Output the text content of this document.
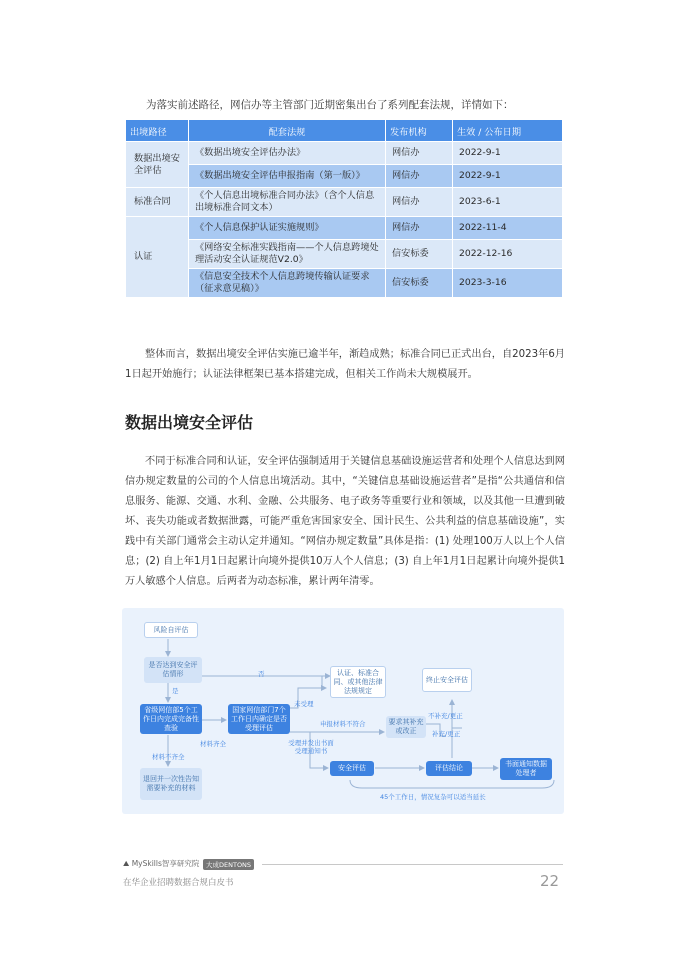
为落实前述路径，网信办等主管部门近期密集出台了系列配套法规，详情如下：
出境路径	配套法规	发布机构	生效 / 公布日期
数据出境安全评估	《数据出境安全评估办法》	网信办	2022-9-1
	《数据出境安全评估申报指南（第一版）》	网信办	2022-9-1
标准合同	《个人信息出境标准合同办法》（含个人信息出境标准合同文本）	网信办	2023-6-1
认证	《个人信息保护认证实施规则》	网信办	2022-11-4
	《网络安全标准实践指南——个人信息跨境处理活动安全认证规范V2.0》	信安标委	2022-12-16
	《信息安全技术个人信息跨境传输认证要求（征求意见稿）》	信安标委	2023-3-16
整体而言，数据出境安全评估实施已逾半年，渐趋成熟；标准合同已正式出台，自2023年6月1日起开始施行；认证法律框架已基本搭建完成，但相关工作尚未大规模展开。
数据出境安全评估
不同于标准合同和认证，安全评估强制适用于关键信息基础设施运营者和处理个人信息达到网信办规定数量的公司的个人信息出境活动。其中，“关键信息基础设施运营者”是指“公共通信和信息服务、能源、交通、水利、金融、公共服务、电子政务等重要行业和领域，以及其他一旦遭到破坏、丧失功能或者数据泄露，可能严重危害国家安全、国计民生、公共利益的信息基础设施”，实践中有关部门通常会主动认定并通知。“网信办规定数量”具体是指：(1) 处理100万人以上个人信息；(2) 自上年1月1日起累计向境外提供10万人个人信息；(3) 自上年1月1日起累计向境外提供1万人敏感个人信息。后两者为动态标准，累计两年清零。
风险自评估
是否达到安全评估情形
省级网信部5个工作日内完成完备性查验
国家网信部门7个工作日内确定是否受理评估
退回并一次性告知需要补充的材料
认证、标准合同、或其他法律法规规定
终止安全评估
要求其补充或改正
安全评估	评估结论	书面通知数据处理者
否
是
材料齐全
材料不齐全
未受理
受理并发出书面受理通知书
申报材料不符合
不补充/更正
补充/更正
45个工作日，情况复杂可以适当延长
⛰ MySkills智享研究院	大成DENTONS
在华企业招聘数据合规白皮书	22
